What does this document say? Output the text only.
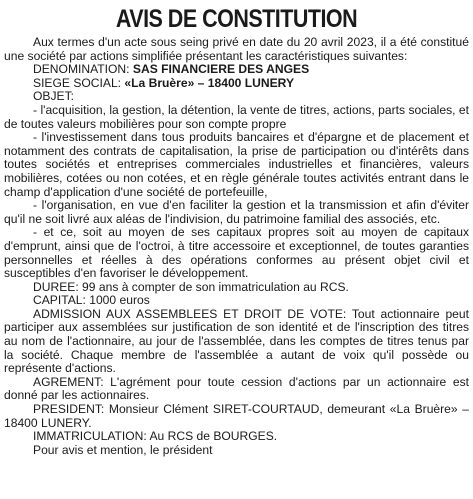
AVIS DE CONSTITUTION

Aux termes d'un acte sous seing privé en date du 20 avril 2023, il a été constitué une société par actions simplifiée présentant les caractéristiques suivantes:

DENOMINATION: SAS FINANCIERE DES ANGES

SIEGE SOCIAL: «La Bruère» – 18400 LUNERY

OBJET:

- l'acquisition, la gestion, la détention, la vente de titres, actions, parts sociales, et de toutes valeurs mobilières pour son compte propre

- l'investissement dans tous produits bancaires et d'épargne et de placement et notamment des contrats de capitalisation, la prise de participation ou d'intérêts dans toutes sociétés et entreprises commerciales industrielles et financières, valeurs mobilières, cotées ou non cotées, et en règle générale toutes activités entrant dans le champ d'application d'une société de portefeuille,

- l'organisation, en vue d'en faciliter la gestion et la transmission et afin d'éviter qu'il ne soit livré aux aléas de l'indivision, du patrimoine familial des associés, etc.

- et ce, soit au moyen de ses capitaux propres soit au moyen de capitaux d'emprunt, ainsi que de l'octroi, à titre accessoire et exceptionnel, de toutes garanties personnelles et réelles à des opérations conformes au présent objet civil et susceptibles d'en favoriser le développement.

DUREE: 99 ans à compter de son immatriculation au RCS.

CAPITAL: 1000 euros

ADMISSION AUX ASSEMBLEES ET DROIT DE VOTE: Tout actionnaire peut participer aux assemblées sur justification de son identité et de l'inscription des titres au nom de l'actionnaire, au jour de l'assemblée, dans les comptes de titres tenus par la société. Chaque membre de l'assemblée a autant de voix qu'il possède ou représente d'actions.

AGREMENT: L'agrément pour toute cession d'actions par un actionnaire est donné par les actionnaires.

PRESIDENT: Monsieur Clément SIRET-COURTAUD, demeurant «La Bruère» – 18400 LUNERY.

IMMATRICULATION: Au RCS de BOURGES.

Pour avis et mention, le président
